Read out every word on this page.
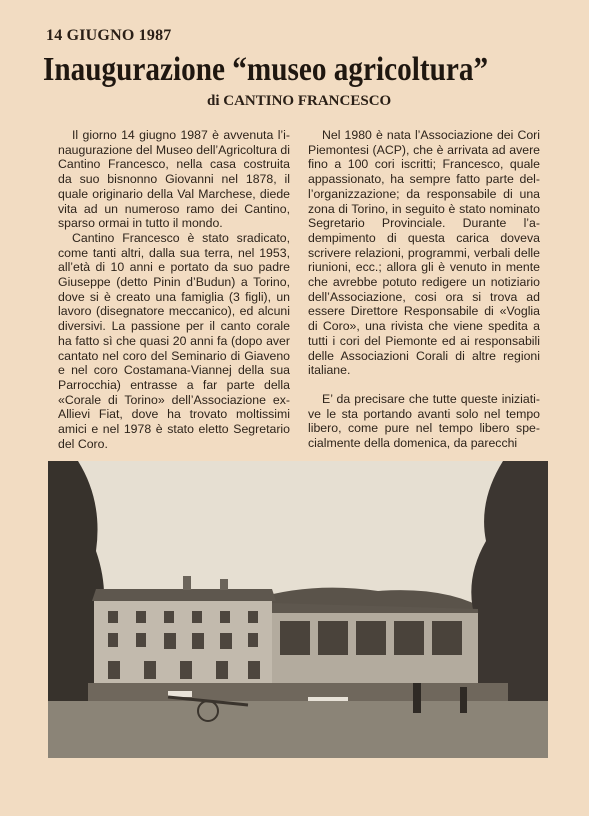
14 GIUGNO 1987
Inaugurazione “museo agricoltura”
di CANTINO FRANCESCO

Il giorno 14 giugno 1987 è avvenuta l’inaugurazione del Museo dell’Agricoltura di Cantino Francesco, nella casa costruita da suo bisnonno Giovanni nel 1878, il quale originario della Val Marchese, diede vita ad un numeroso ramo dei Cantino, sparso ormai in tutto il mondo.

Cantino Francesco è stato sradicato, come tanti altri, dalla sua terra, nel 1953, all’età di 10 anni e portato da suo padre Giuseppe (detto Pinin d’Budun) a Torino, dove si è creato una famiglia (3 figli), un lavoro (disegnatore meccanico), ed alcuni diversivi. La passione per il canto corale ha fatto sì che quasi 20 anni fa (dopo aver cantato nel coro del Seminario di Giaveno e nel coro Costamana-Viannej della sua Parrocchia) entrasse a far parte della «Corale di Torino» dell’Associazione ex-Allievi Fiat, dove ha trovato moltissimi amici e nel 1978 è stato eletto Segretario del Coro.

Nel 1980 è nata l’Associazione dei Cori Piemontesi (ACP), che è arrivata ad avere fino a 100 cori iscritti; Francesco, quale appassionato, ha sempre fatto parte dell’organizzazione; da responsabile di una zona di Torino, in seguito è stato nominato Segretario Provinciale. Durante l’adempimento di questa carica doveva scrivere relazioni, programmi, verbali delle riunioni, ecc.; allora gli è venuto in mente che avrebbe potuto redigere un notiziario dell’Associazione, cosi ora si trova ad essere Direttore Responsabile di «Voglia di Coro», una rivista che viene spedita a tutti i cori del Piemonte ed ai responsabili delle Associazioni Corali di altre regioni italiane.

E’ da precisare che tutte queste iniziative le sta portando avanti solo nel tempo libero, come pure nel tempo libero specialmente della domenica, da parecchi
